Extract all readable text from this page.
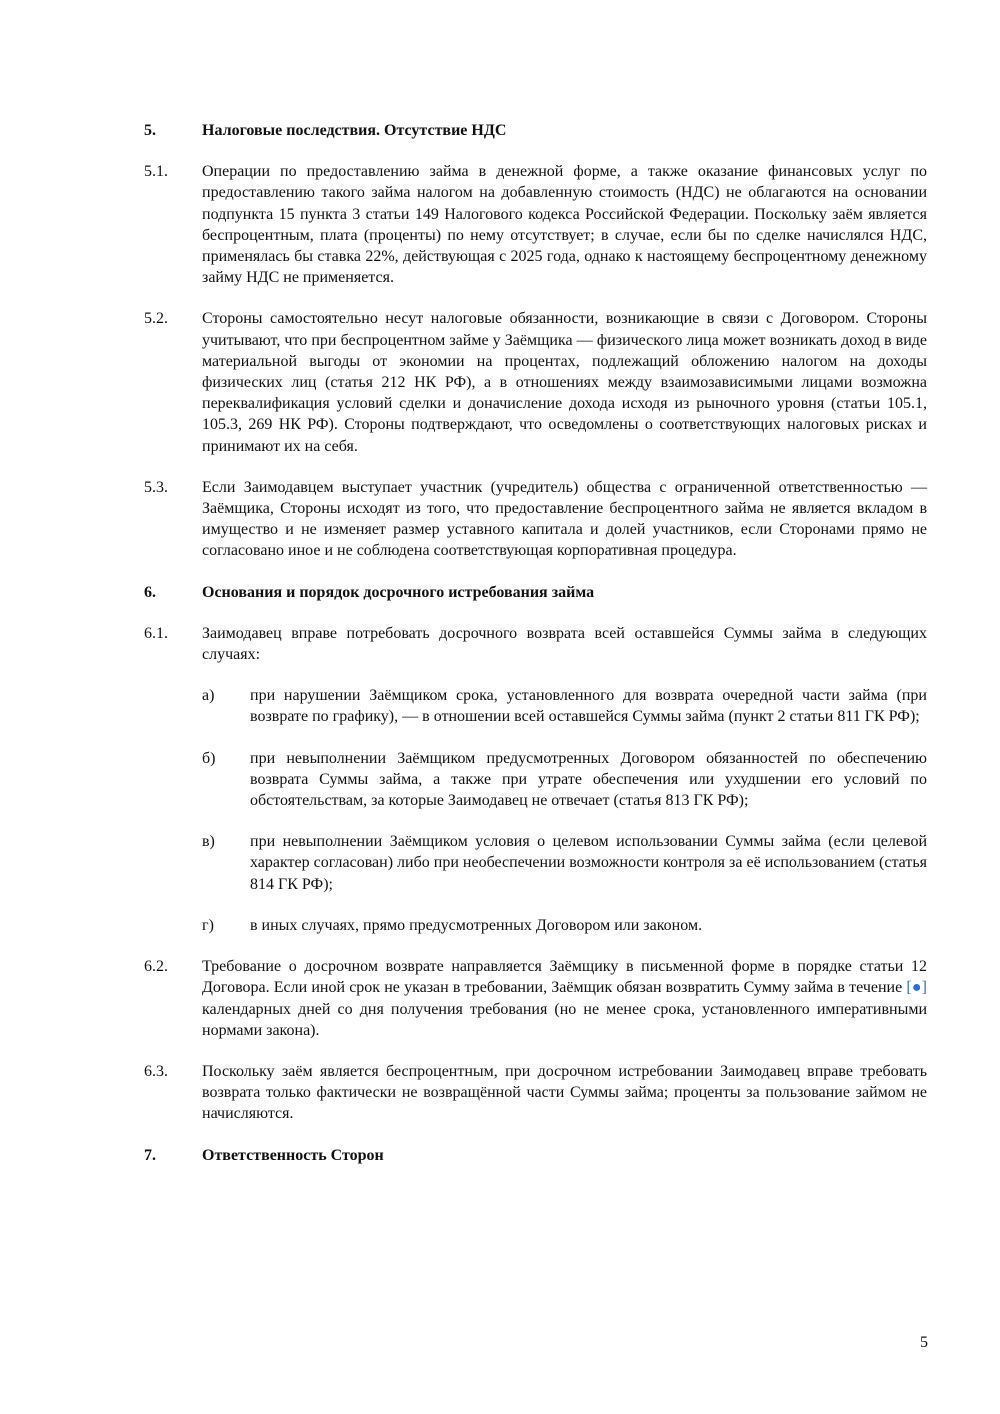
5.	Налоговые последствия. Отсутствие НДС
5.1.	Операции по предоставлению займа в денежной форме, а также оказание финансовых услуг по предоставлению такого займа налогом на добавленную стоимость (НДС) не облагаются на основании подпункта 15 пункта 3 статьи 149 Налогового кодекса Российской Федерации. Поскольку заём является беспроцентным, плата (проценты) по нему отсутствует; в случае, если бы по сделке начислялся НДС, применялась бы ставка 22%, действующая с 2025 года, однако к настоящему беспроцентному денежному займу НДС не применяется.
5.2.	Стороны самостоятельно несут налоговые обязанности, возникающие в связи с Договором. Стороны учитывают, что при беспроцентном займе у Заёмщика — физического лица может возникать доход в виде материальной выгоды от экономии на процентах, подлежащий обложению налогом на доходы физических лиц (статья 212 НК РФ), а в отношениях между взаимозависимыми лицами возможна переквалификация условий сделки и доначисление дохода исходя из рыночного уровня (статьи 105.1, 105.3, 269 НК РФ). Стороны подтверждают, что осведомлены о соответствующих налоговых рисках и принимают их на себя.
5.3.	Если Заимодавцем выступает участник (учредитель) общества с ограниченной ответственностью — Заёмщика, Стороны исходят из того, что предоставление беспроцентного займа не является вкладом в имущество и не изменяет размер уставного капитала и долей участников, если Сторонами прямо не согласовано иное и не соблюдена соответствующая корпоративная процедура.
6.	Основания и порядок досрочного истребования займа
6.1.	Заимодавец вправе потребовать досрочного возврата всей оставшейся Суммы займа в следующих случаях:
а)	при нарушении Заёмщиком срока, установленного для возврата очередной части займа (при возврате по графику), — в отношении всей оставшейся Суммы займа (пункт 2 статьи 811 ГК РФ);
б)	при невыполнении Заёмщиком предусмотренных Договором обязанностей по обеспечению возврата Суммы займа, а также при утрате обеспечения или ухудшении его условий по обстоятельствам, за которые Заимодавец не отвечает (статья 813 ГК РФ);
в)	при невыполнении Заёмщиком условия о целевом использовании Суммы займа (если целевой характер согласован) либо при необеспечении возможности контроля за её использованием (статья 814 ГК РФ);
г)	в иных случаях, прямо предусмотренных Договором или законом.
6.2.	Требование о досрочном возврате направляется Заёмщику в письменной форме в порядке статьи 12 Договора. Если иной срок не указан в требовании, Заёмщик обязан возвратить Сумму займа в течение [●] календарных дней со дня получения требования (но не менее срока, установленного императивными нормами закона).
6.3.	Поскольку заём является беспроцентным, при досрочном истребовании Заимодавец вправе требовать возврата только фактически не возвращённой части Суммы займа; проценты за пользование займом не начисляются.
7.	Ответственность Сторон
5
